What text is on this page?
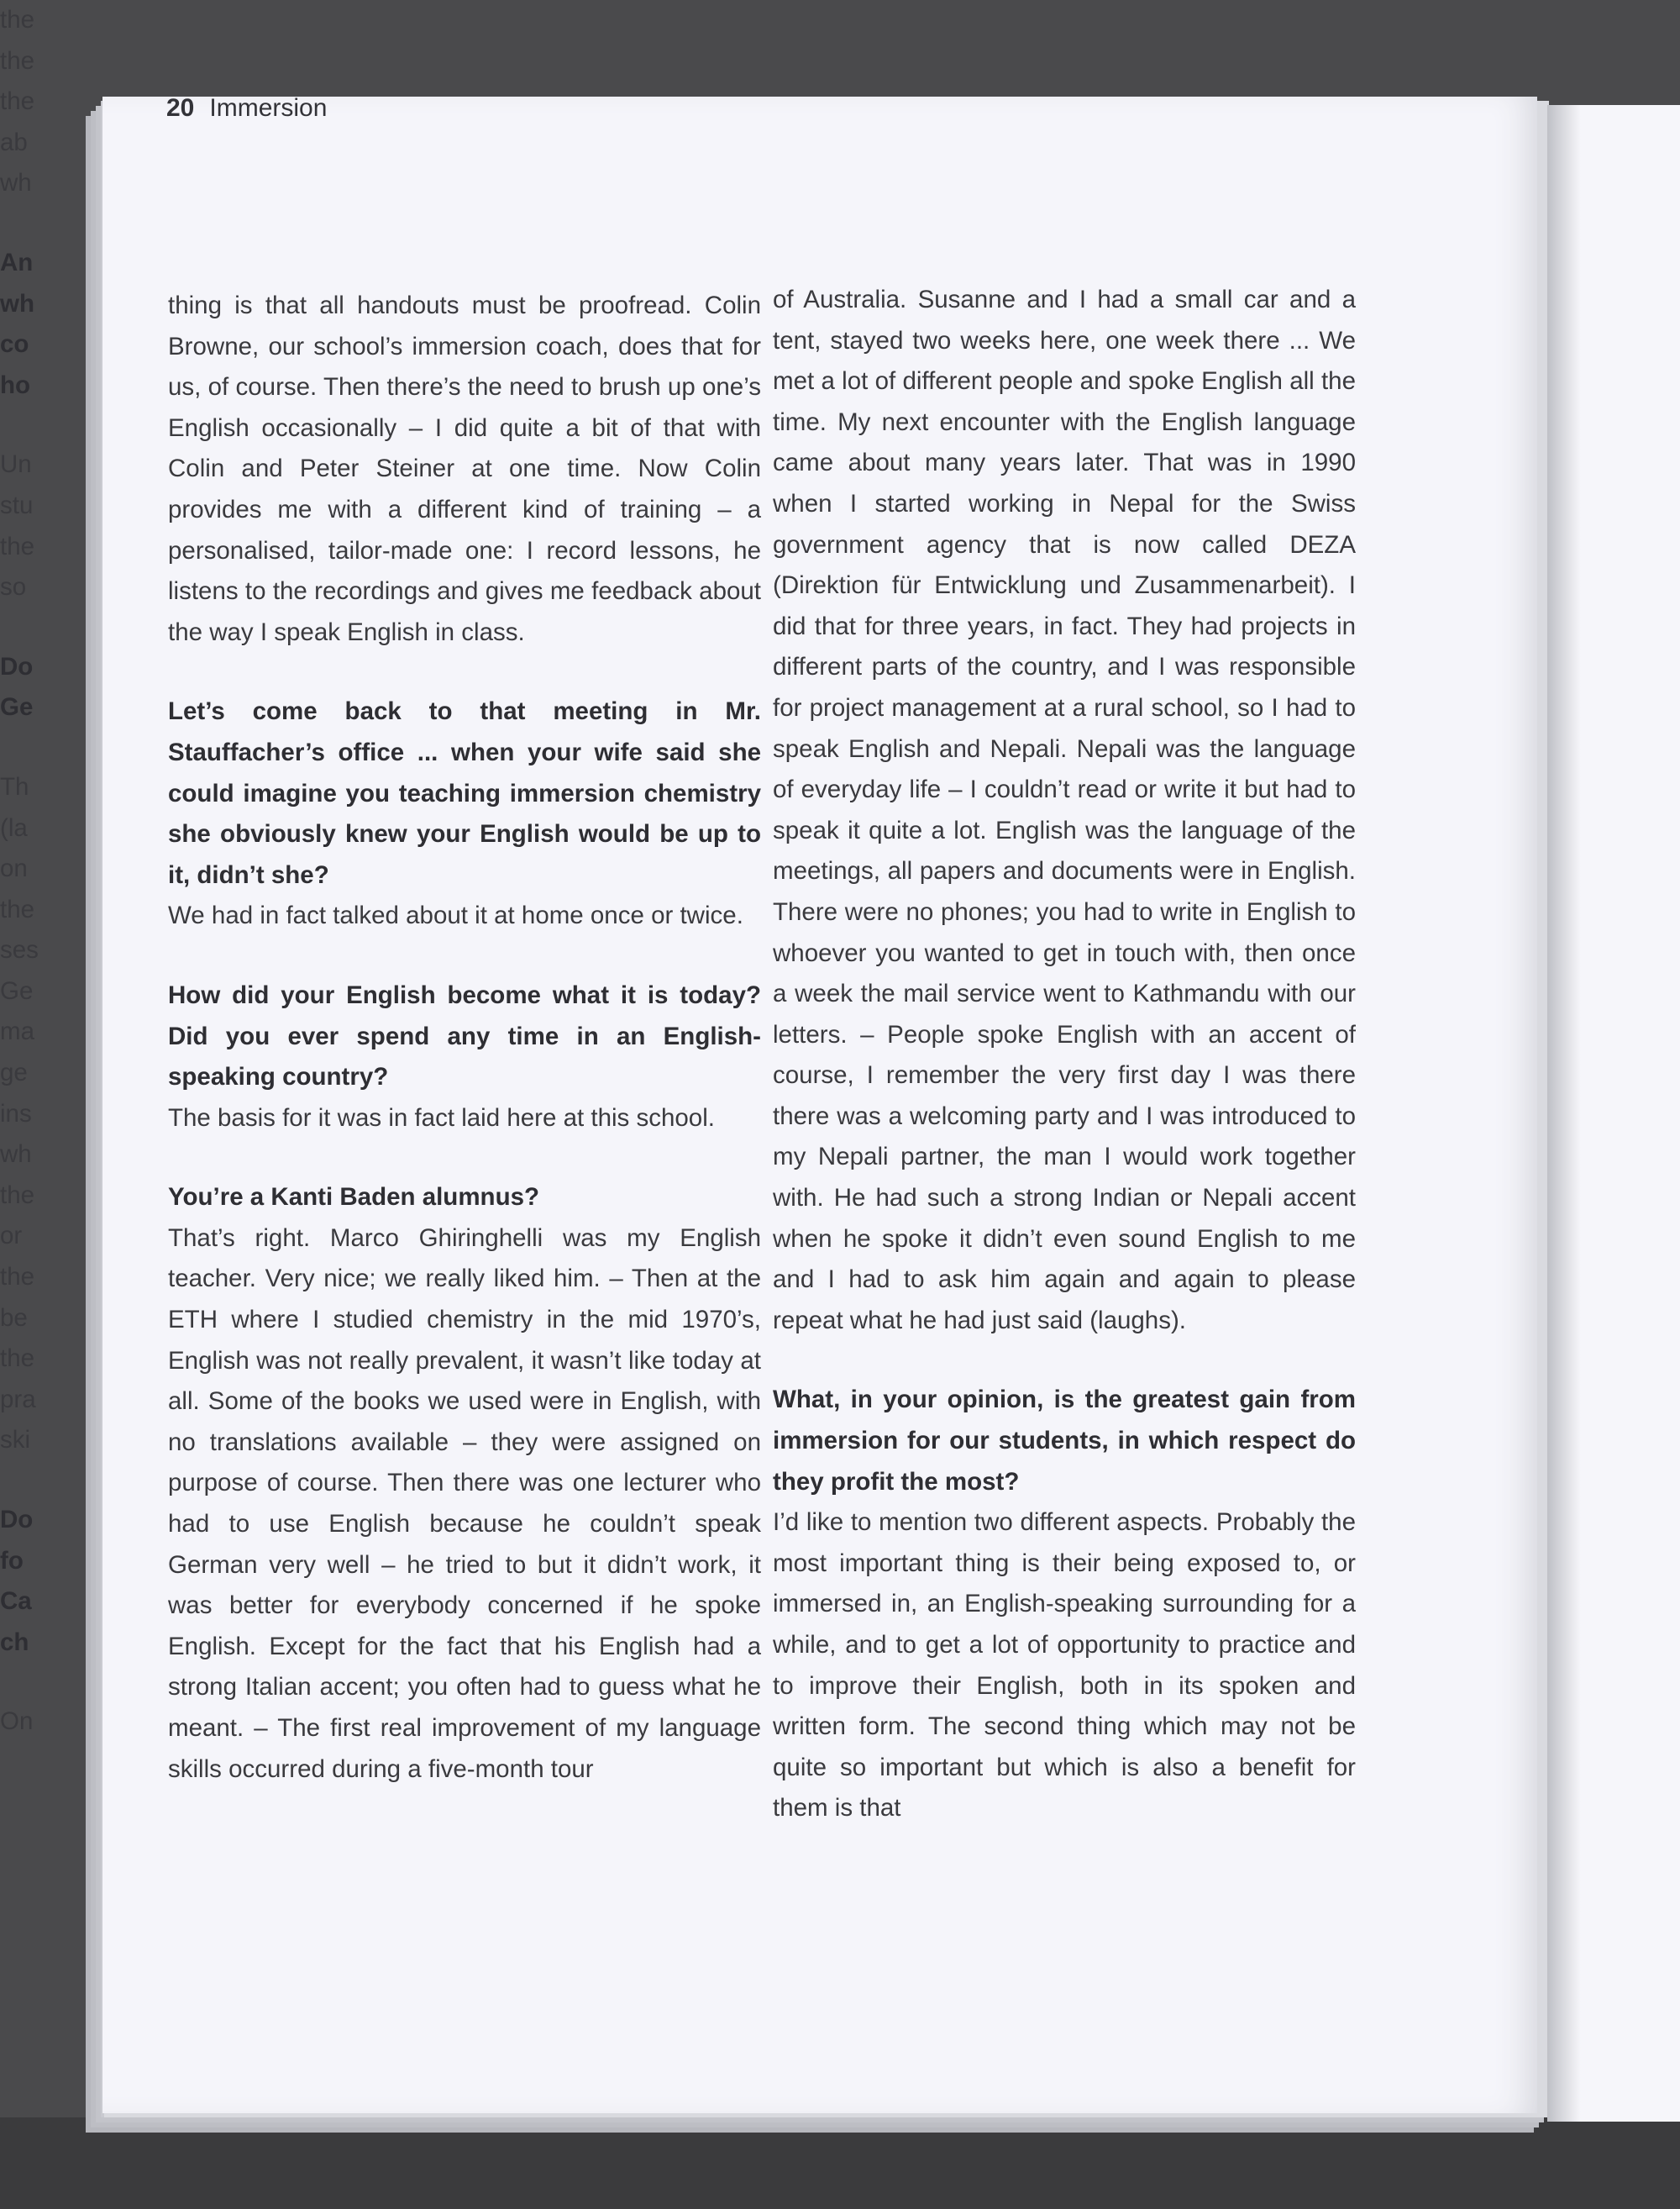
20 Immersion

thing is that all handouts must be proofread. Colin Browne, our school’s immersion coach, does that for us, of course. Then there’s the need to brush up one’s English occasionally – I did quite a bit of that with Colin and Peter Steiner at one time. Now Colin provides me with a different kind of training – a personalised, tailor-made one: I record lessons, he listens to the recordings and gives me feedback about the way I speak English in class.

Let’s come back to that meeting in Mr. Stauffacher’s office ... when your wife said she could imagine you teaching immersion chemistry she obviously knew your English would be up to it, didn’t she?

We had in fact talked about it at home once or twice.

How did your English become what it is today? Did you ever spend any time in an English-speaking country?

The basis for it was in fact laid here at this school.

You’re a Kanti Baden alumnus?

That’s right. Marco Ghiringhelli was my English teacher. Very nice; we really liked him. – Then at the ETH where I studied chemistry in the mid 1970’s, English was not really prevalent, it wasn’t like today at all. Some of the books we used were in English, with no translations available – they were assigned on purpose of course. Then there was one lecturer who had to use English because he couldn’t speak German very well – he tried to but it didn’t work, it was better for everybody concerned if he spoke English. Except for the fact that his English had a strong Italian accent; you often had to guess what he meant. – The first real improvement of my language skills occurred during a five-month tour

of Australia. Susanne and I had a small car and a tent, stayed two weeks here, one week there ... We met a lot of different people and spoke English all the time. My next encounter with the English language came about many years later. That was in 1990 when I started working in Nepal for the Swiss government agency that is now called DEZA (Direktion für Entwicklung und Zusammenarbeit). I did that for three years, in fact. They had projects in different parts of the country, and I was responsible for project management at a rural school, so I had to speak English and Nepali. Nepali was the language of everyday life – I couldn’t read or write it but had to speak it quite a lot. English was the language of the meetings, all papers and documents were in English. There were no phones; you had to write in English to whoever you wanted to get in touch with, then once a week the mail service went to Kathmandu with our letters. – People spoke English with an accent of course, I remember the very first day I was there there was a welcoming party and I was introduced to my Nepali partner, the man I would work together with. He had such a strong Indian or Nepali accent when he spoke it didn’t even sound English to me and I had to ask him again and again to please repeat what he had just said (laughs).

What, in your opinion, is the greatest gain from immersion for our students, in which respect do they profit the most?

I’d like to mention two different aspects. Probably the most important thing is their being exposed to, or immersed in, an English-speaking surrounding for a while, and to get a lot of opportunity to practice and to improve their English, both in its spoken and written form. The second thing which may not be quite so important but which is also a benefit for them is that

the
the
the
ab
wh
An
wh
co
ho
Un
stu
the
so
Do
Ge
Th
(la
on
the
ses
Ge
ma
ge
ins
wh
the
or
the
be
the
pra
ski
Do
fo
Ca
ch
On
